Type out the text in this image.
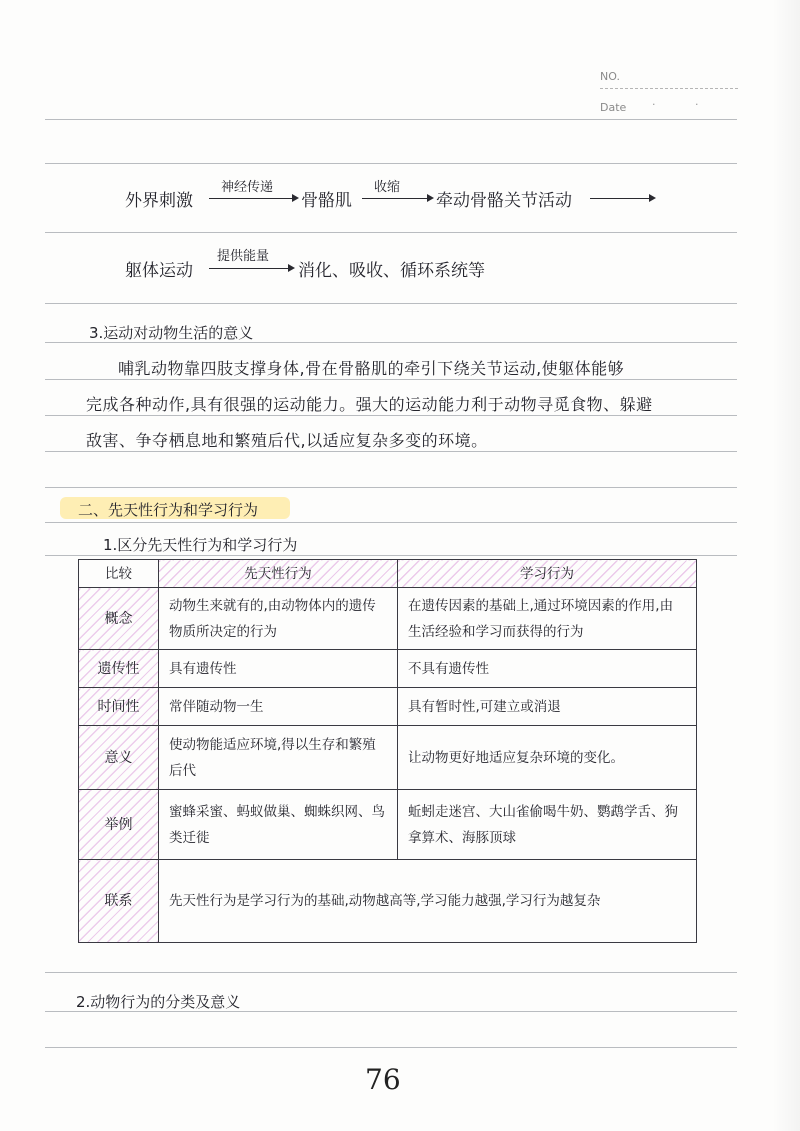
NO.
Date · ·
外界刺激
神经传递
骨骼肌
收缩
牵动骨骼关节活动
躯体运动
提供能量
消化、吸收、循环系统等
3.运动对动物生活的意义
哺乳动物靠四肢支撑身体,骨在骨骼肌的牵引下绕关节运动,使躯体能够
完成各种动作,具有很强的运动能力。强大的运动能力利于动物寻觅食物、躲避
敌害、争夺栖息地和繁殖后代,以适应复杂多变的环境。
二、先天性行为和学习行为
1.区分先天性行为和学习行为
比较	先天性行为	学习行为
概念	动物生来就有的,由动物体内的遗传物质所决定的行为	在遗传因素的基础上,通过环境因素的作用,由生活经验和学习而获得的行为
遗传性	具有遗传性	不具有遗传性
时间性	常伴随动物一生	具有暂时性,可建立或消退
意义	使动物能适应环境,得以生存和繁殖后代	让动物更好地适应复杂环境的变化。
举例	蜜蜂采蜜、蚂蚁做巢、蜘蛛织网、鸟类迁徙	蚯蚓走迷宫、大山雀偷喝牛奶、鹦鹉学舌、狗拿算术、海豚顶球
联系	先天性行为是学习行为的基础,动物越高等,学习能力越强,学习行为越复杂	
2.动物行为的分类及意义
76
